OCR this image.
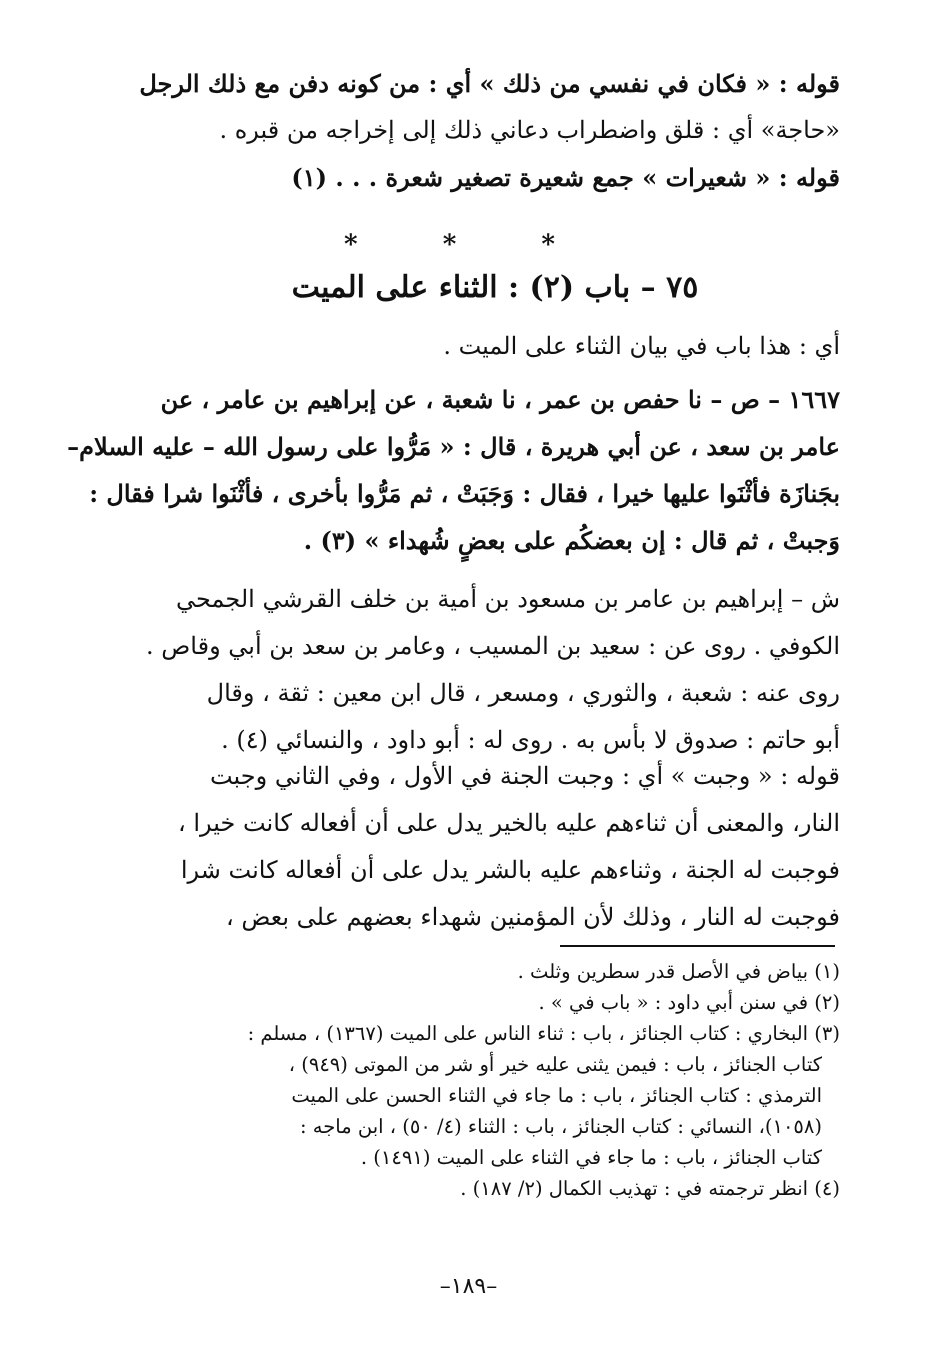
قوله : « فكان في نفسي من ذلك » أي : من كونه دفن مع ذلك الرجل
«حاجة» أي : قلق واضطراب دعاني ذلك إلى إخراجه من قبره .
قوله : « شعيرات » جمع شعيرة تصغير شعرة . . . (١)
* * *
٧٥ – باب (٢) : الثناء على الميت
أي : هذا باب في بيان الثناء على الميت .
١٦٦٧ – ص – نا حفص بن عمر ، نا شعبة ، عن إبراهيم بن عامر ، عن
عامر بن سعد ، عن أبي هريرة ، قال : « مَرُّوا على رسول الله – عليه السلام–
بجَنازَة فأثْنَوا عليها خيرا ، فقال : وَجَبَتْ ، ثم مَرُّوا بأخرى ، فأثْنَوا شرا فقال :
وَجبتْ ، ثم قال : إن بعضكُم على بعضٍ شُهداء » (٣) .
ش – إبراهيم بن عامر بن مسعود بن أمية بن خلف القرشي الجمحي
الكوفي . روى عن : سعيد بن المسيب ، وعامر بن سعد بن أبي وقاص .
روى عنه : شعبة ، والثوري ، ومسعر ، قال ابن معين : ثقة ، وقال
أبو حاتم : صدوق لا بأس به . روى له : أبو داود ، والنسائي (٤) .
قوله : « وجبت » أي : وجبت الجنة في الأول ، وفي الثاني وجبت
النار، والمعنى أن ثناءهم عليه بالخير يدل على أن أفعاله كانت خيرا ،
فوجبت له الجنة ، وثناءهم عليه بالشر يدل على أن أفعاله كانت شرا
فوجبت له النار ، وذلك لأن المؤمنين شهداء بعضهم على بعض ،
(١) بياض في الأصل قدر سطرين وثلث .
(٢) في سنن أبي داود : « باب في » .
(٣) البخاري : كتاب الجنائز ، باب : ثناء الناس على الميت (١٣٦٧) ، مسلم :
كتاب الجنائز ، باب : فيمن يثنى عليه خير أو شر من الموتى (٩٤٩) ،
الترمذي : كتاب الجنائز ، باب : ما جاء في الثناء الحسن على الميت
(١٠٥٨)، النسائي : كتاب الجنائز ، باب : الثناء (٤/ ٥٠) ، ابن ماجه :
كتاب الجنائز ، باب : ما جاء في الثناء على الميت (١٤٩١) .
(٤) انظر ترجمته في : تهذيب الكمال (٢/ ١٨٧) .
–١٨٩–
